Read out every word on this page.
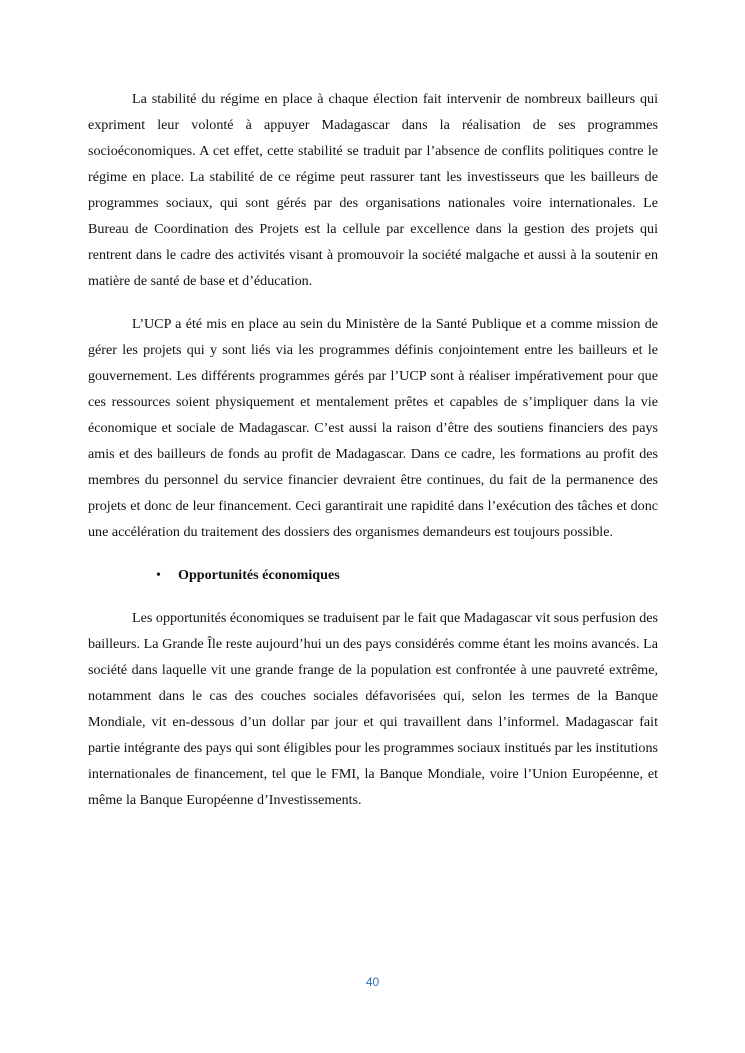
La stabilité du régime en place à chaque élection fait intervenir de nombreux bailleurs qui expriment leur volonté à appuyer Madagascar dans la réalisation de ses programmes socioéconomiques. A cet effet, cette stabilité se traduit par l’absence de conflits politiques contre le régime en place. La stabilité de ce régime peut rassurer tant les investisseurs que les bailleurs de programmes sociaux, qui sont gérés par des organisations nationales voire internationales. Le Bureau de Coordination des Projets est la cellule par excellence dans la gestion des projets qui rentrent dans le cadre des activités visant à promouvoir la société malgache et aussi à la soutenir en matière de santé de base et d’éducation.

L’UCP a été mis en place au sein du Ministère de la Santé Publique et a comme mission de gérer les projets qui y sont liés via les programmes définis conjointement entre les bailleurs et le gouvernement. Les différents programmes gérés par l’UCP sont à réaliser impérativement pour que ces ressources soient physiquement et mentalement prêtes et capables de s’impliquer dans la vie économique et sociale de Madagascar. C’est aussi la raison d’être des soutiens financiers des pays amis et des bailleurs de fonds au profit de Madagascar. Dans ce cadre, les formations au profit des membres du personnel du service financier devraient être continues, du fait de la permanence des projets et donc de leur financement. Ceci garantirait une rapidité dans l’exécution des tâches et donc une accélération du traitement des dossiers des organismes demandeurs est toujours possible.

• Opportunités économiques

Les opportunités économiques se traduisent par le fait que Madagascar vit sous perfusion des bailleurs. La Grande Île reste aujourd’hui un des pays considérés comme étant les moins avancés. La société dans laquelle vit une grande frange de la population est confrontée à une pauvreté extrême, notamment dans le cas des couches sociales défavorisées qui, selon les termes de la Banque Mondiale, vit en-dessous d’un dollar par jour et qui travaillent dans l’informel. Madagascar fait partie intégrante des pays qui sont éligibles pour les programmes sociaux institués par les institutions internationales de financement, tel que le FMI, la Banque Mondiale, voire l’Union Européenne, et même la Banque Européenne d’Investissements.

40
